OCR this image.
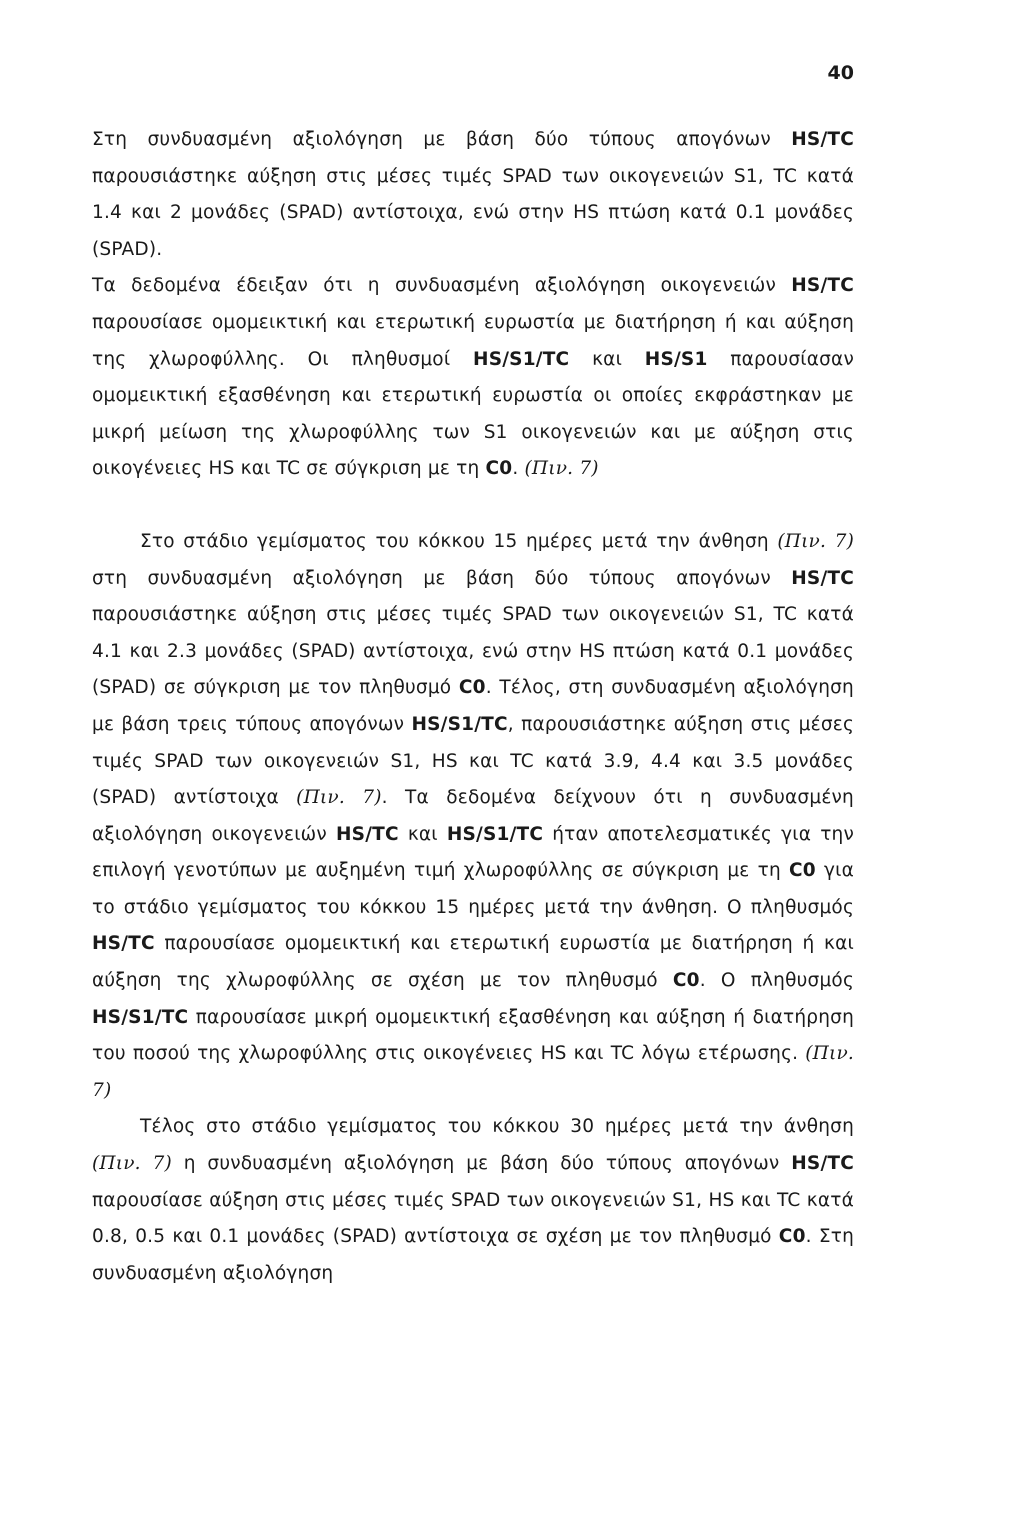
40

Στη συνδυασμένη αξιολόγηση με βάση δύο τύπους απογόνων HS/TC παρουσιάστηκε αύξηση στις μέσες τιμές SPAD των οικογενειών S1, TC κατά 1.4 και 2 μονάδες (SPAD) αντίστοιχα, ενώ στην HS πτώση κατά 0.1 μονάδες (SPAD).

Τα δεδομένα έδειξαν ότι η συνδυασμένη αξιολόγηση οικογενειών HS/TC παρουσίασε ομομεικτική και ετερωτική ευρωστία με διατήρηση ή και αύξηση της χλωροφύλλης. Οι πληθυσμοί HS/S1/TC και HS/S1 παρουσίασαν ομομεικτική εξασθένηση και ετερωτική ευρωστία οι οποίες εκφράστηκαν με μικρή μείωση της χλωροφύλλης των S1 οικογενειών και με αύξηση στις οικογένειες HS και TC σε σύγκριση με τη C0. (Πιν. 7)

Στο στάδιο γεμίσματος του κόκκου 15 ημέρες μετά την άνθηση (Πιν. 7) στη συνδυασμένη αξιολόγηση με βάση δύο τύπους απογόνων HS/TC παρουσιάστηκε αύξηση στις μέσες τιμές SPAD των οικογενειών S1, TC κατά 4.1 και 2.3 μονάδες (SPAD) αντίστοιχα, ενώ στην HS πτώση κατά 0.1 μονάδες (SPAD) σε σύγκριση με τον πληθυσμό C0. Τέλος, στη συνδυασμένη αξιολόγηση με βάση τρεις τύπους απογόνων HS/S1/TC, παρουσιάστηκε αύξηση στις μέσες τιμές SPAD των οικογενειών S1, HS και TC κατά 3.9, 4.4 και 3.5 μονάδες (SPAD) αντίστοιχα (Πιν. 7). Τα δεδομένα δείχνουν ότι η συνδυασμένη αξιολόγηση οικογενειών HS/TC και HS/S1/TC ήταν αποτελεσματικές για την επιλογή γενοτύπων με αυξημένη τιμή χλωροφύλλης σε σύγκριση με τη C0 για το στάδιο γεμίσματος του κόκκου 15 ημέρες μετά την άνθηση. Ο πληθυσμός HS/TC παρουσίασε ομομεικτική και ετερωτική ευρωστία με διατήρηση ή και αύξηση της χλωροφύλλης σε σχέση με τον πληθυσμό C0. Ο πληθυσμός HS/S1/TC παρουσίασε μικρή ομομεικτική εξασθένηση και αύξηση ή διατήρηση του ποσού της χλωροφύλλης στις οικογένειες HS και TC λόγω ετέρωσης. (Πιν. 7)

Τέλος στο στάδιο γεμίσματος του κόκκου 30 ημέρες μετά την άνθηση (Πιν. 7) η συνδυασμένη αξιολόγηση με βάση δύο τύπους απογόνων HS/TC παρουσίασε αύξηση στις μέσες τιμές SPAD των οικογενειών S1, HS και TC κατά 0.8, 0.5 και 0.1 μονάδες (SPAD) αντίστοιχα σε σχέση με τον πληθυσμό C0. Στη συνδυασμένη αξιολόγηση
